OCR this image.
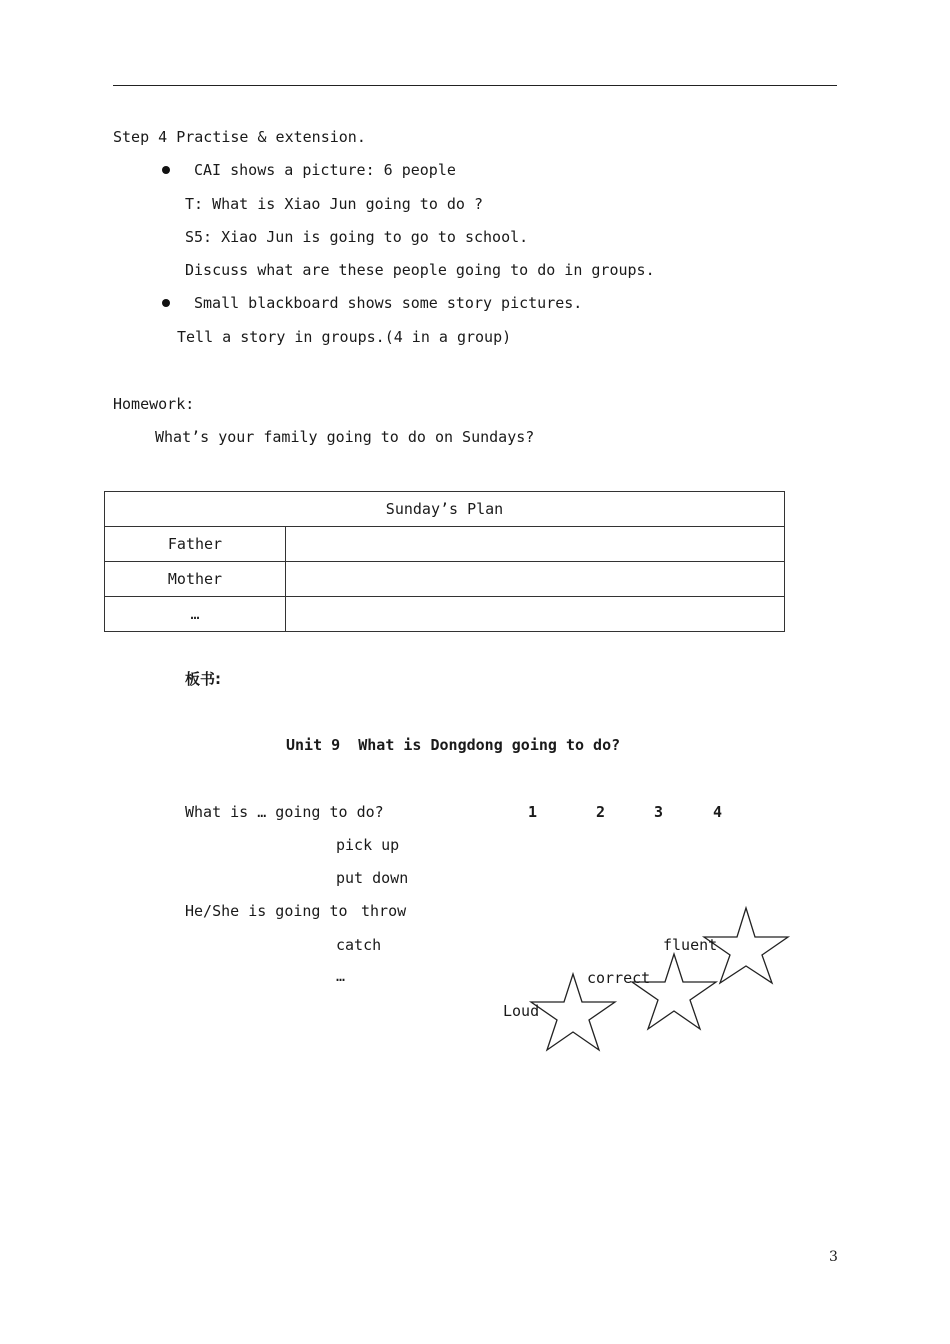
Step 4 Practise & extension.
CAI shows a picture: 6 people
T: What is Xiao Jun going to do ?
S5: Xiao Jun is going to go to school.
Discuss what are these people going to do in groups.
Small blackboard shows some story pictures.
Tell a story in groups.(4 in a group)
Homework:
What’s your family going to do on Sundays?
Sunday’s Plan	
Father	
Mother	
…	
板书:
Unit 9  What is Dongdong going to do?
What is … going to do?	1	2	3	4
pick up
put down
He/She is going to throw
catch
…
fluent
correct
Loud
3
